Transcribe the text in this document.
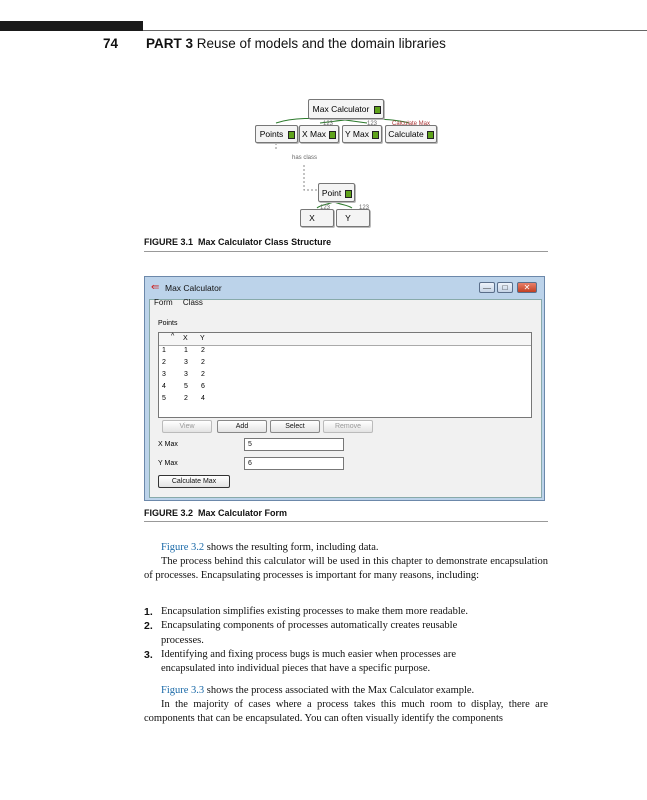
74 PART 3 Reuse of models and the domain libraries
Max Calculator
Points	X Max Y Max Calculate
123	123 Calculate Max
has class
Point
X	Y
123	123
FIGURE 3.1 Max Calculator Class Structure
⇚ Max Calculator	—	□	✕
Form Class
Points
^ X Y
1	1 2
2	3 2
3	3 2
4	5 6
5	2 4
View	Add	Select	Remove
X Max	5
Y Max	6
Calculate Max
FIGURE 3.2 Max Calculator Form
Figure 3.2 shows the resulting form, including data.
The process behind this calculator will be used in this chapter to demonstrate encapsulation of processes. Encapsulating processes is important for many reasons, including:
1. Encapsulation simplifies existing processes to make them more readable.
2. Encapsulating components of processes automatically creates reusable processes.
3. Identifying and fixing process bugs is much easier when processes are encapsulated into individual pieces that have a specific purpose.
Figure 3.3 shows the process associated with the Max Calculator example.
In the majority of cases where a process takes this much room to display, there are components that can be encapsulated. You can often visually identify the components
